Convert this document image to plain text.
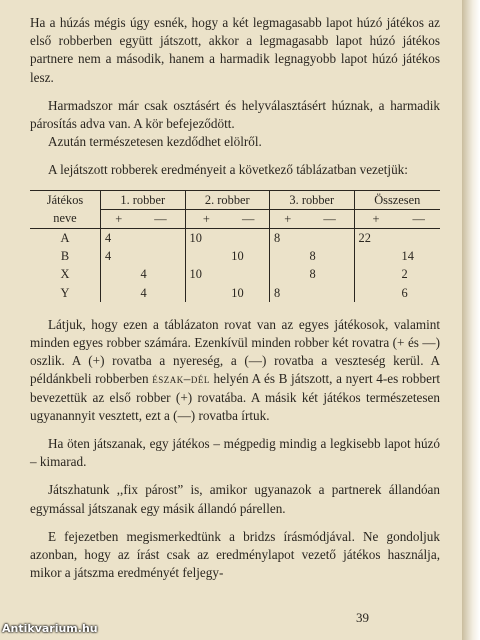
Ha a húzás mégis úgy esnék, hogy a két legmagasabb lapot húzó játékos az első robberben együtt játszott, akkor a legmagasabb lapot húzó játékos partnere nem a második, hanem a harmadik legnagyobb lapot húzó játékos lesz.

Harmadszor már csak osztásért és helyválasztásért húznak, a harmadik párosítás adva van. A kör befejeződött.

Azután természetesen kezdődhet elölről.

A lejátszott robberek eredményeit a következő táblázatban vezetjük:

Játékos neve	1. robber		2. robber		3. robber		Összesen	
	+	—	+	—	+	—	+	—
A	4		10		8		22	
B	4			10		8		14
X		4	10			8		2
Y		4		10	8			6

Látjuk, hogy ezen a táblázaton rovat van az egyes játékosok, valamint minden egyes robber számára. Ezenkívül minden robber két rovatra (+ és —) oszlik. A (+) rovatba a nyereség, a (—) rovatba a veszteség kerül. A példánkbeli robberben észak–dél helyén A és B játszott, a nyert 4-es robbert bevezettük az első robber (+) rovatába. A másik két játékos természetesen ugyanannyit vesztett, ezt a (—) rovatba írtuk.

Ha öten játszanak, egy játékos – mégpedig mindig a legkisebb lapot húzó – kimarad.

Játszhatunk ,,fix párost” is, amikor ugyanazok a partnerek állandóan egymással játszanak egy másik állandó párellen.

E fejezetben megismerkedtünk a bridzs írásmódjával. Ne gondoljuk azonban, hogy az írást csak az eredménylapot vezető játékos használja, mikor a játszma eredményét feljegy-

39
Antikvarium.hu
